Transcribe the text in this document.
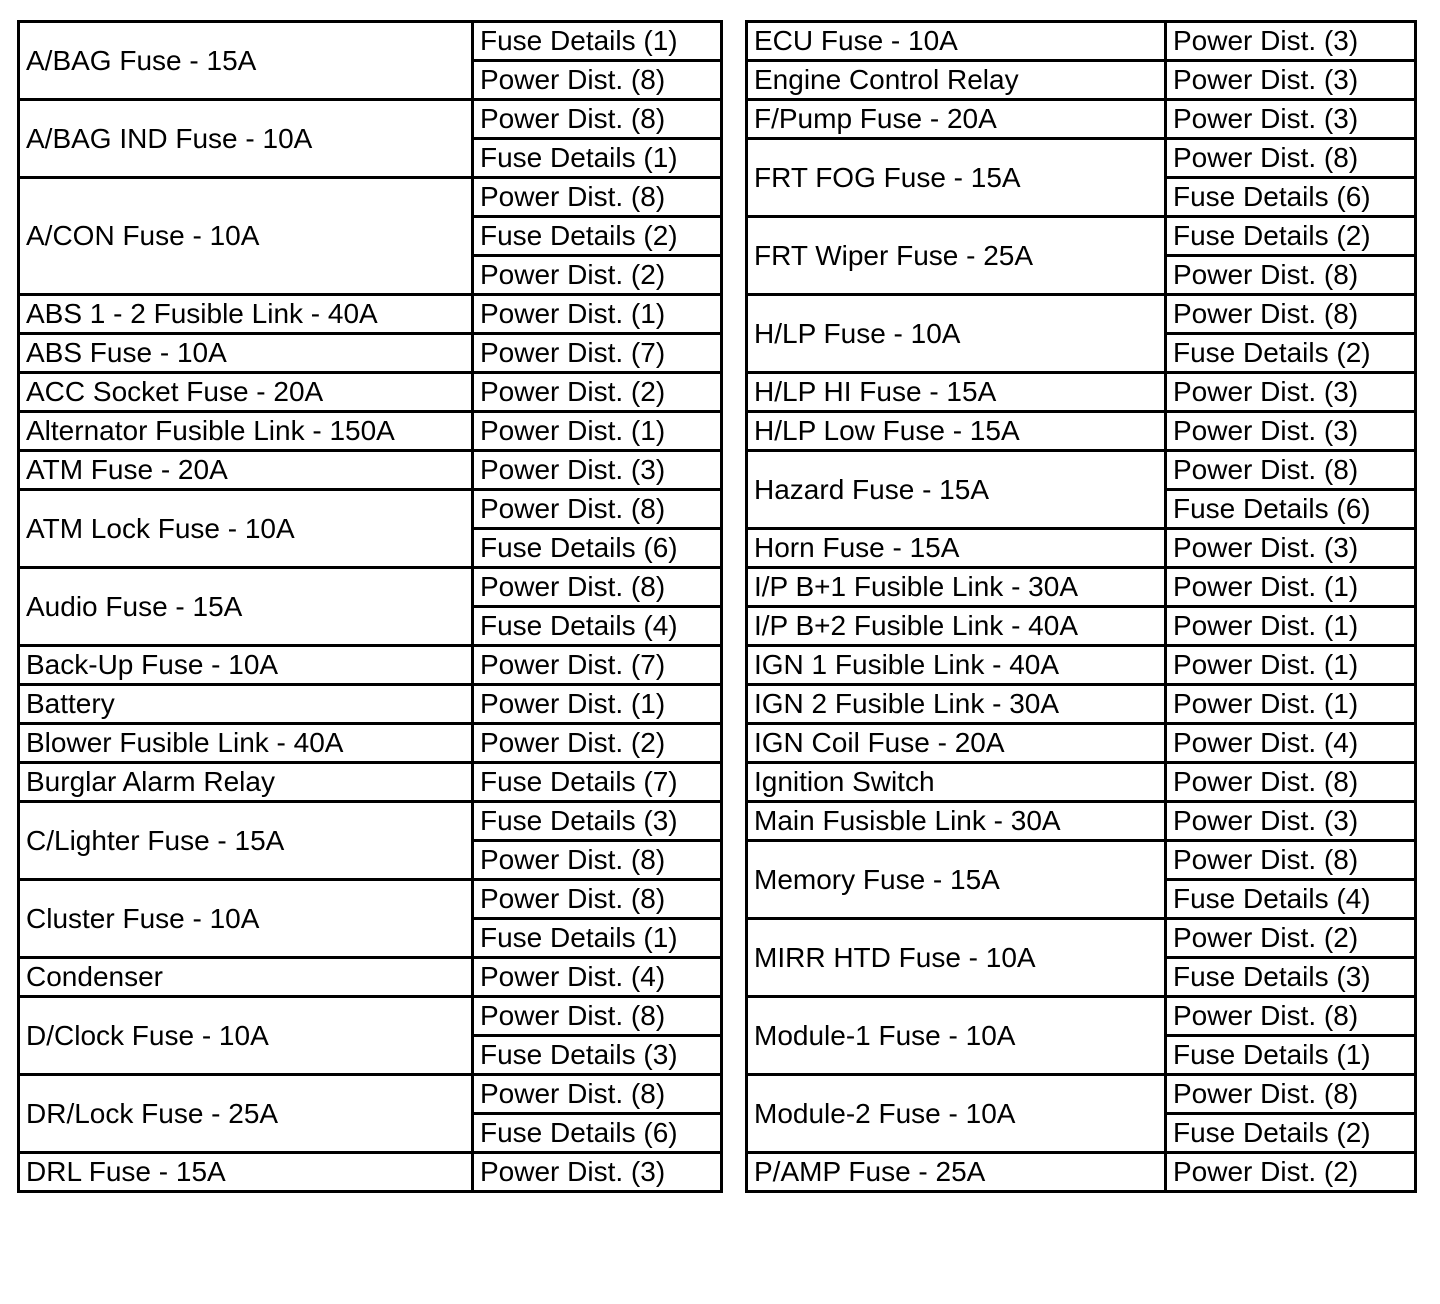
A/BAG Fuse - 15A	Fuse Details (1)
	Power Dist. (8)
A/BAG IND Fuse - 10A	Power Dist. (8)
	Fuse Details (1)
A/CON Fuse - 10A	Power Dist. (8)
	Fuse Details (2)
	Power Dist. (2)
ABS 1 - 2 Fusible Link - 40A	Power Dist. (1)
ABS Fuse - 10A	Power Dist. (7)
ACC Socket Fuse - 20A	Power Dist. (2)
Alternator Fusible Link - 150A	Power Dist. (1)
ATM Fuse - 20A	Power Dist. (3)
ATM Lock Fuse - 10A	Power Dist. (8)
	Fuse Details (6)
Audio Fuse - 15A	Power Dist. (8)
	Fuse Details (4)
Back-Up Fuse - 10A	Power Dist. (7)
Battery	Power Dist. (1)
Blower Fusible Link - 40A	Power Dist. (2)
Burglar Alarm Relay	Fuse Details (7)
C/Lighter Fuse - 15A	Fuse Details (3)
	Power Dist. (8)
Cluster Fuse - 10A	Power Dist. (8)
	Fuse Details (1)
Condenser	Power Dist. (4)
D/Clock Fuse - 10A	Power Dist. (8)
	Fuse Details (3)
DR/Lock Fuse - 25A	Power Dist. (8)
	Fuse Details (6)
DRL Fuse - 15A	Power Dist. (3)
ECU Fuse - 10A	Power Dist. (3)
Engine Control Relay	Power Dist. (3)
F/Pump Fuse - 20A	Power Dist. (3)
FRT FOG Fuse - 15A	Power Dist. (8)
	Fuse Details (6)
FRT Wiper Fuse - 25A	Fuse Details (2)
	Power Dist. (8)
H/LP Fuse - 10A	Power Dist. (8)
	Fuse Details (2)
H/LP HI Fuse - 15A	Power Dist. (3)
H/LP Low Fuse - 15A	Power Dist. (3)
Hazard Fuse - 15A	Power Dist. (8)
	Fuse Details (6)
Horn Fuse - 15A	Power Dist. (3)
I/P B+1 Fusible Link - 30A	Power Dist. (1)
I/P B+2 Fusible Link - 40A	Power Dist. (1)
IGN 1 Fusible Link - 40A	Power Dist. (1)
IGN 2 Fusible Link - 30A	Power Dist. (1)
IGN Coil Fuse - 20A	Power Dist. (4)
Ignition Switch	Power Dist. (8)
Main Fusisble Link - 30A	Power Dist. (3)
Memory Fuse - 15A	Power Dist. (8)
	Fuse Details (4)
MIRR HTD Fuse - 10A	Power Dist. (2)
	Fuse Details (3)
Module-1 Fuse - 10A	Power Dist. (8)
	Fuse Details (1)
Module-2 Fuse - 10A	Power Dist. (8)
	Fuse Details (2)
P/AMP Fuse - 25A	Power Dist. (2)
